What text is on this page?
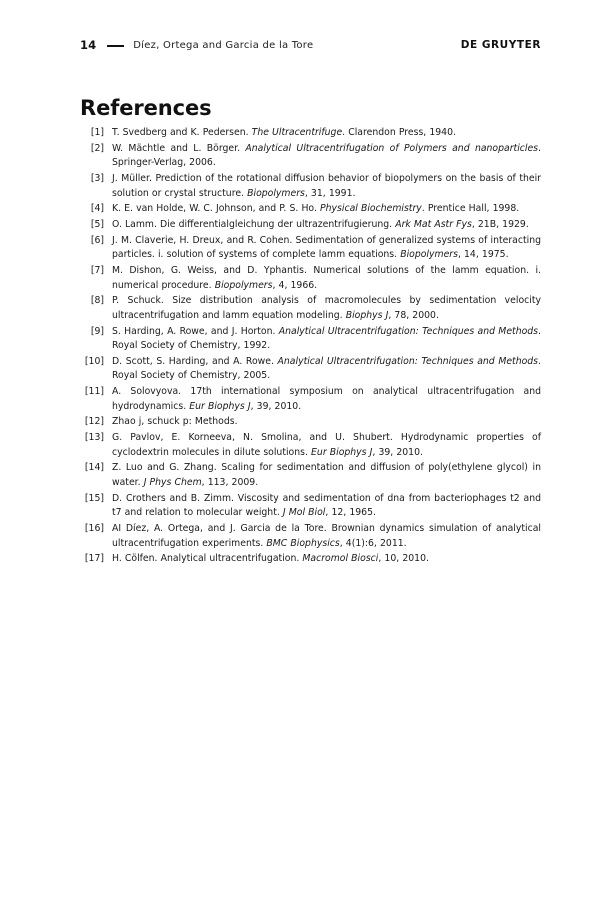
14	Díez, Ortega and Garcia de la Tore	DE GRUYTER
References
[1] T. Svedberg and K. Pedersen. The Ultracentrifuge. Clarendon Press, 1940.
[2] W. Mächtle and L. Börger. Analytical Ultracentrifugation of Polymers and nanoparticles. Springer-Verlag, 2006.
[3] J. Müller. Prediction of the rotational diffusion behavior of biopolymers on the basis of their solution or crystal structure. Biopolymers, 31, 1991.
[4] K. E. van Holde, W. C. Johnson, and P. S. Ho. Physical Biochemistry. Prentice Hall, 1998.
[5] O. Lamm. Die differentialgleichung der ultrazentrifugierung. Ark Mat Astr Fys, 21B, 1929.
[6] J. M. Claverie, H. Dreux, and R. Cohen. Sedimentation of generalized systems of interacting particles. i. solution of systems of complete lamm equations. Biopolymers, 14, 1975.
[7] M. Dishon, G. Weiss, and D. Yphantis. Numerical solutions of the lamm equation. i. numerical procedure. Biopolymers, 4, 1966.
[8] P. Schuck. Size distribution analysis of macromolecules by sedimentation velocity ultracentrifugation and lamm equation modeling. Biophys J, 78, 2000.
[9] S. Harding, A. Rowe, and J. Horton. Analytical Ultracentrifugation: Techniques and Methods. Royal Society of Chemistry, 1992.
[10] D. Scott, S. Harding, and A. Rowe. Analytical Ultracentrifugation: Techniques and Methods. Royal Society of Chemistry, 2005.
[11] A. Solovyova. 17th international symposium on analytical ultracentrifugation and hydrodynamics. Eur Biophys J, 39, 2010.
[12] Zhao j, schuck p: Methods.
[13] G. Pavlov, E. Korneeva, N. Smolina, and U. Shubert. Hydrodynamic properties of cyclodextrin molecules in dilute solutions. Eur Biophys J, 39, 2010.
[14] Z. Luo and G. Zhang. Scaling for sedimentation and diffusion of poly(ethylene glycol) in water. J Phys Chem, 113, 2009.
[15] D. Crothers and B. Zimm. Viscosity and sedimentation of dna from bacteriophages t2 and t7 and relation to molecular weight. J Mol Biol, 12, 1965.
[16] AI Díez, A. Ortega, and J. Garcia de la Tore. Brownian dynamics simulation of analytical ultracentrifugation experiments. BMC Biophysics, 4(1):6, 2011.
[17] H. Cölfen. Analytical ultracentrifugation. Macromol Biosci, 10, 2010.
